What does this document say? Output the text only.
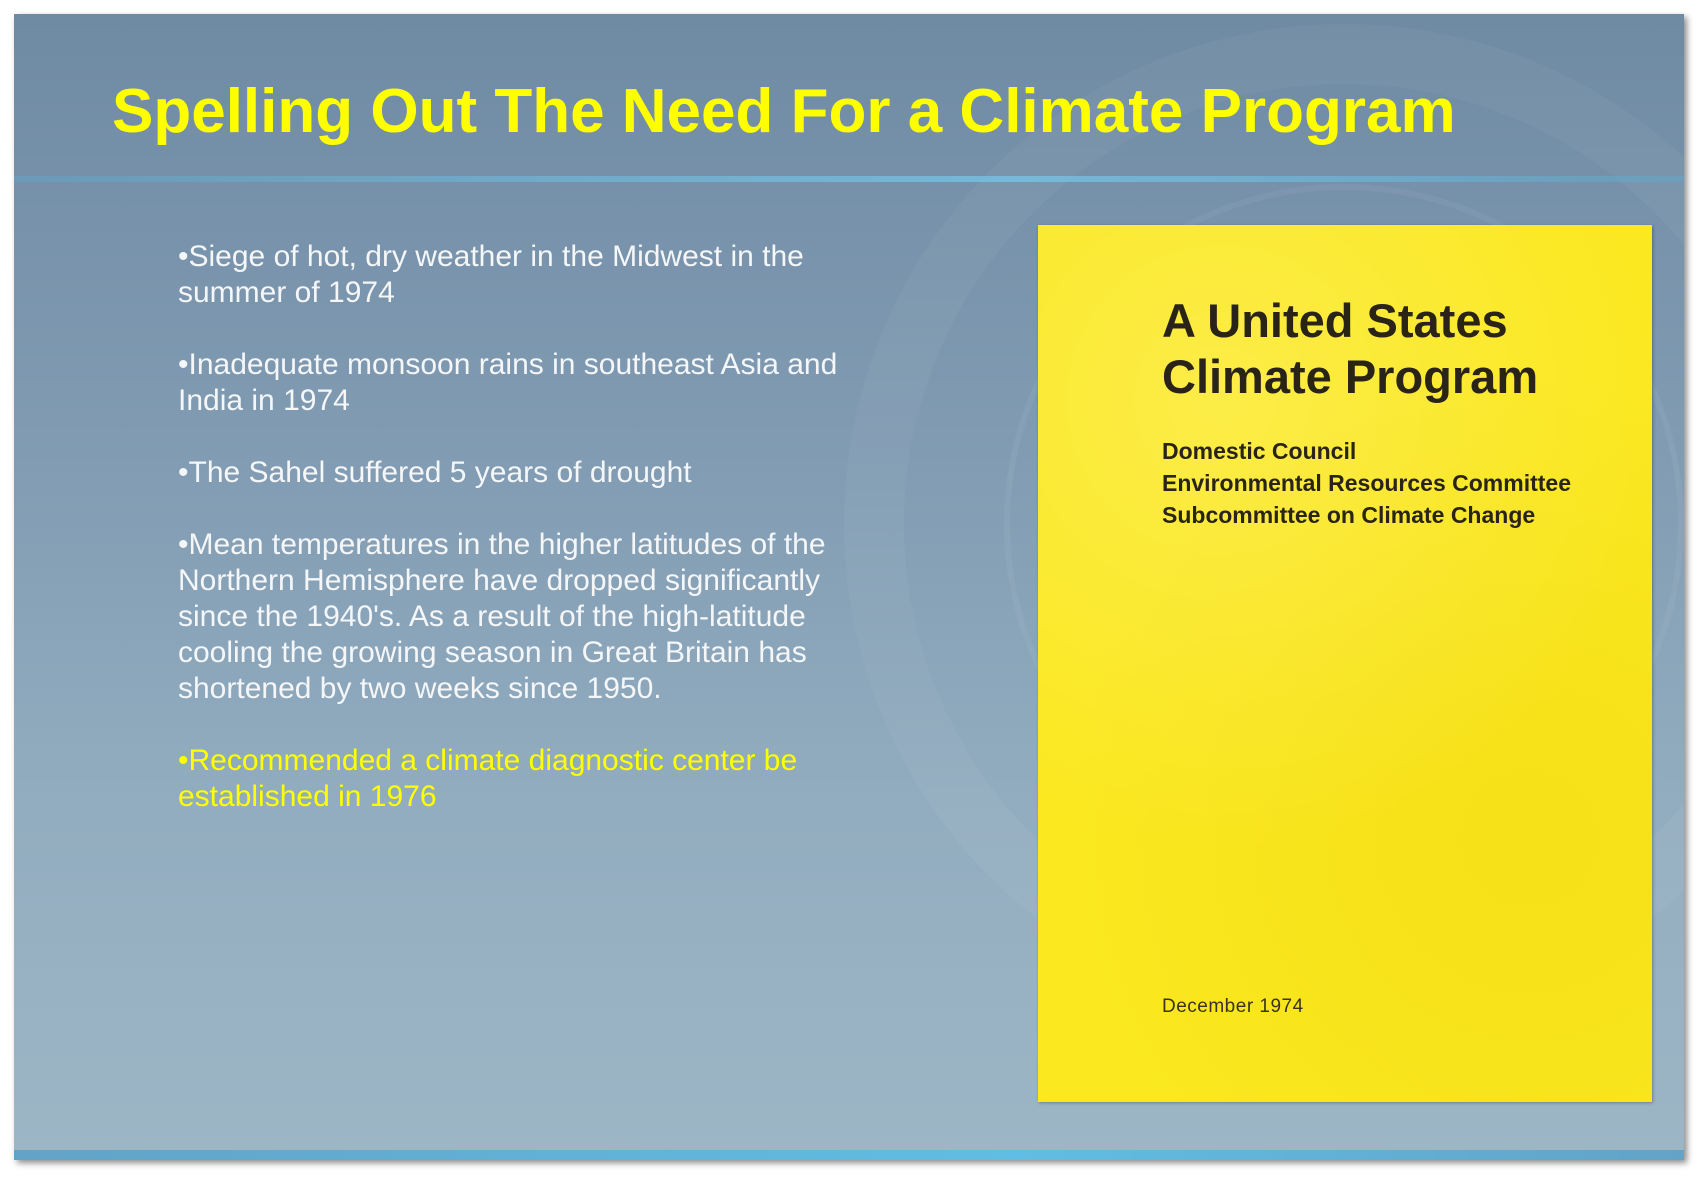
Spelling Out The Need For a Climate Program
•Siege of hot, dry weather in the Midwest in the
summer of 1974
•Inadequate monsoon rains in southeast Asia and
India in 1974
•The Sahel suffered 5 years of drought
•Mean temperatures in the higher latitudes of the
Northern Hemisphere have dropped significantly
since the 1940's. As a result of the high-latitude
cooling the growing season in Great Britain has
shortened by two weeks since 1950.
•Recommended a climate diagnostic center be
established in 1976

A United States
Climate Program

Domestic Council
Environmental Resources Committee
Subcommittee on Climate Change

December 1974
